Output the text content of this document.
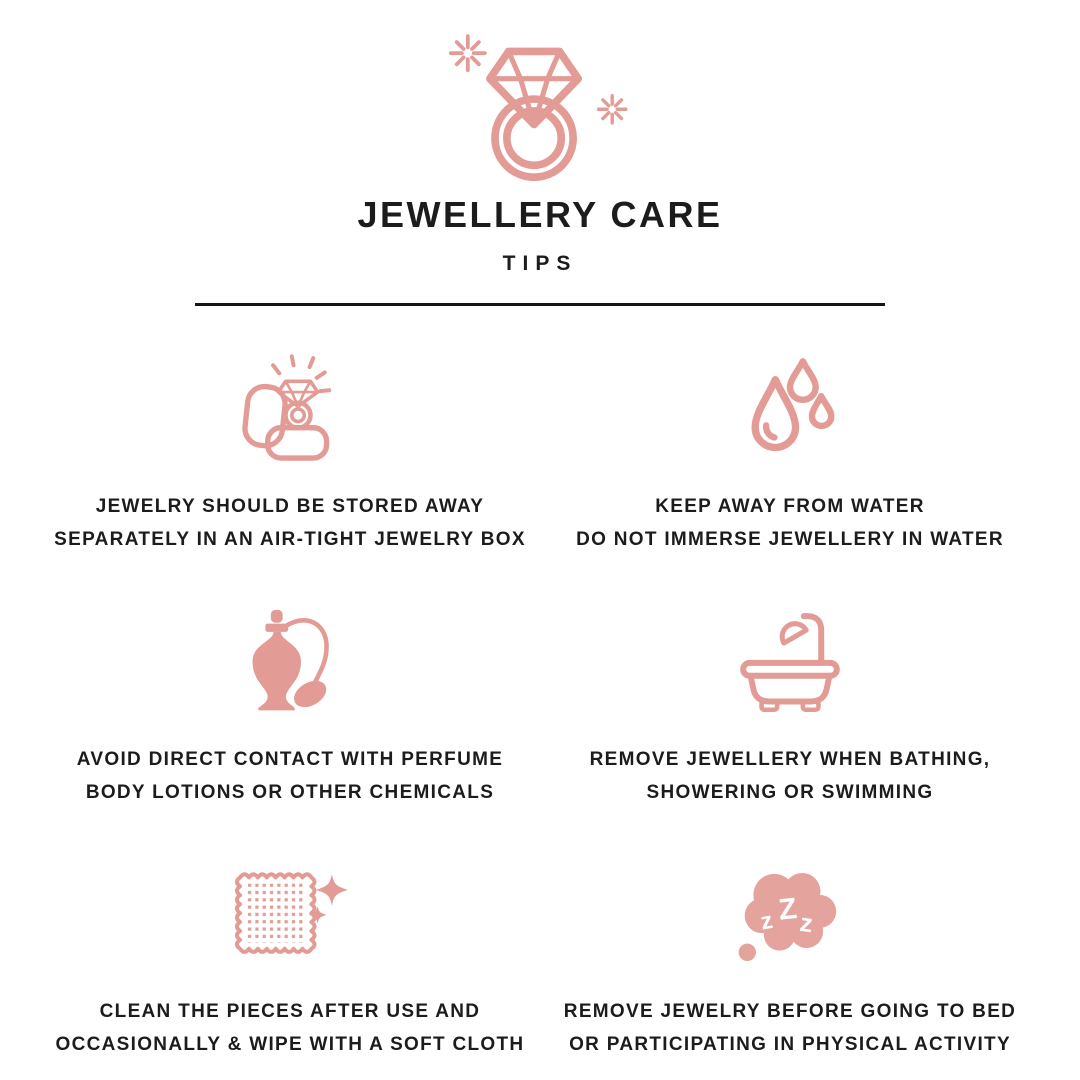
JEWELLERY CARE
TIPS
JEWELRY SHOULD BE STORED AWAY
SEPARATELY IN AN AIR-TIGHT JEWELRY BOX
KEEP AWAY FROM WATER
DO NOT IMMERSE JEWELLERY IN WATER
AVOID DIRECT CONTACT WITH PERFUME
BODY LOTIONS OR OTHER CHEMICALS
REMOVE JEWELLERY WHEN BATHING,
SHOWERING OR SWIMMING
CLEAN THE PIECES AFTER USE AND
OCCASIONALLY & WIPE WITH A SOFT CLOTH
z Z z
REMOVE JEWELRY BEFORE GOING TO BED
OR PARTICIPATING IN PHYSICAL ACTIVITY
